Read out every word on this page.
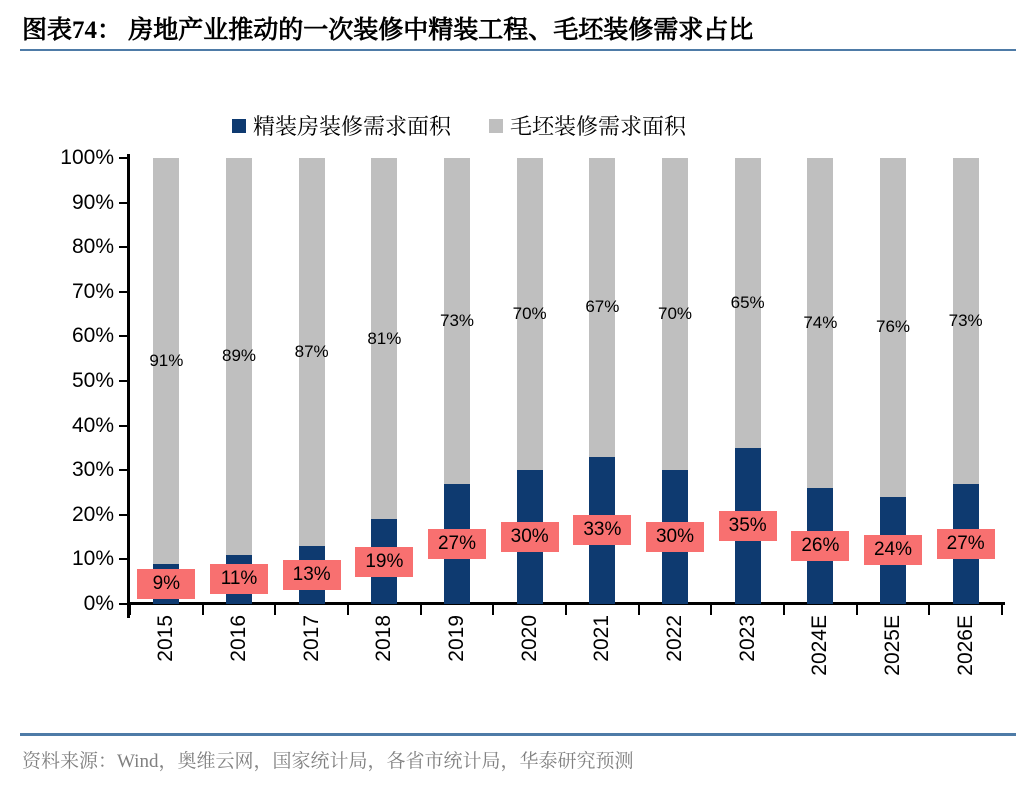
图表74： 房地产业推动的一次装修中精装工程、毛坯装修需求占比
精装房装修需求面积	毛坯装修需求面积
0%
10%
20%
30%
40%
50%
60%
70%
80%
90%
100%
91%
9%
2015
89%
11%
2016
87%
13%
2017
81%
19%
2018
73%
27%
2019
70%
30%
2020
67%
33%
2021
70%
30%
2022
65%
35%
2023
74%
26%
2024E
76%
24%
2025E
73%
27%
2026E
资料来源：Wind，奥维云网，国家统计局，各省市统计局，华泰研究预测
